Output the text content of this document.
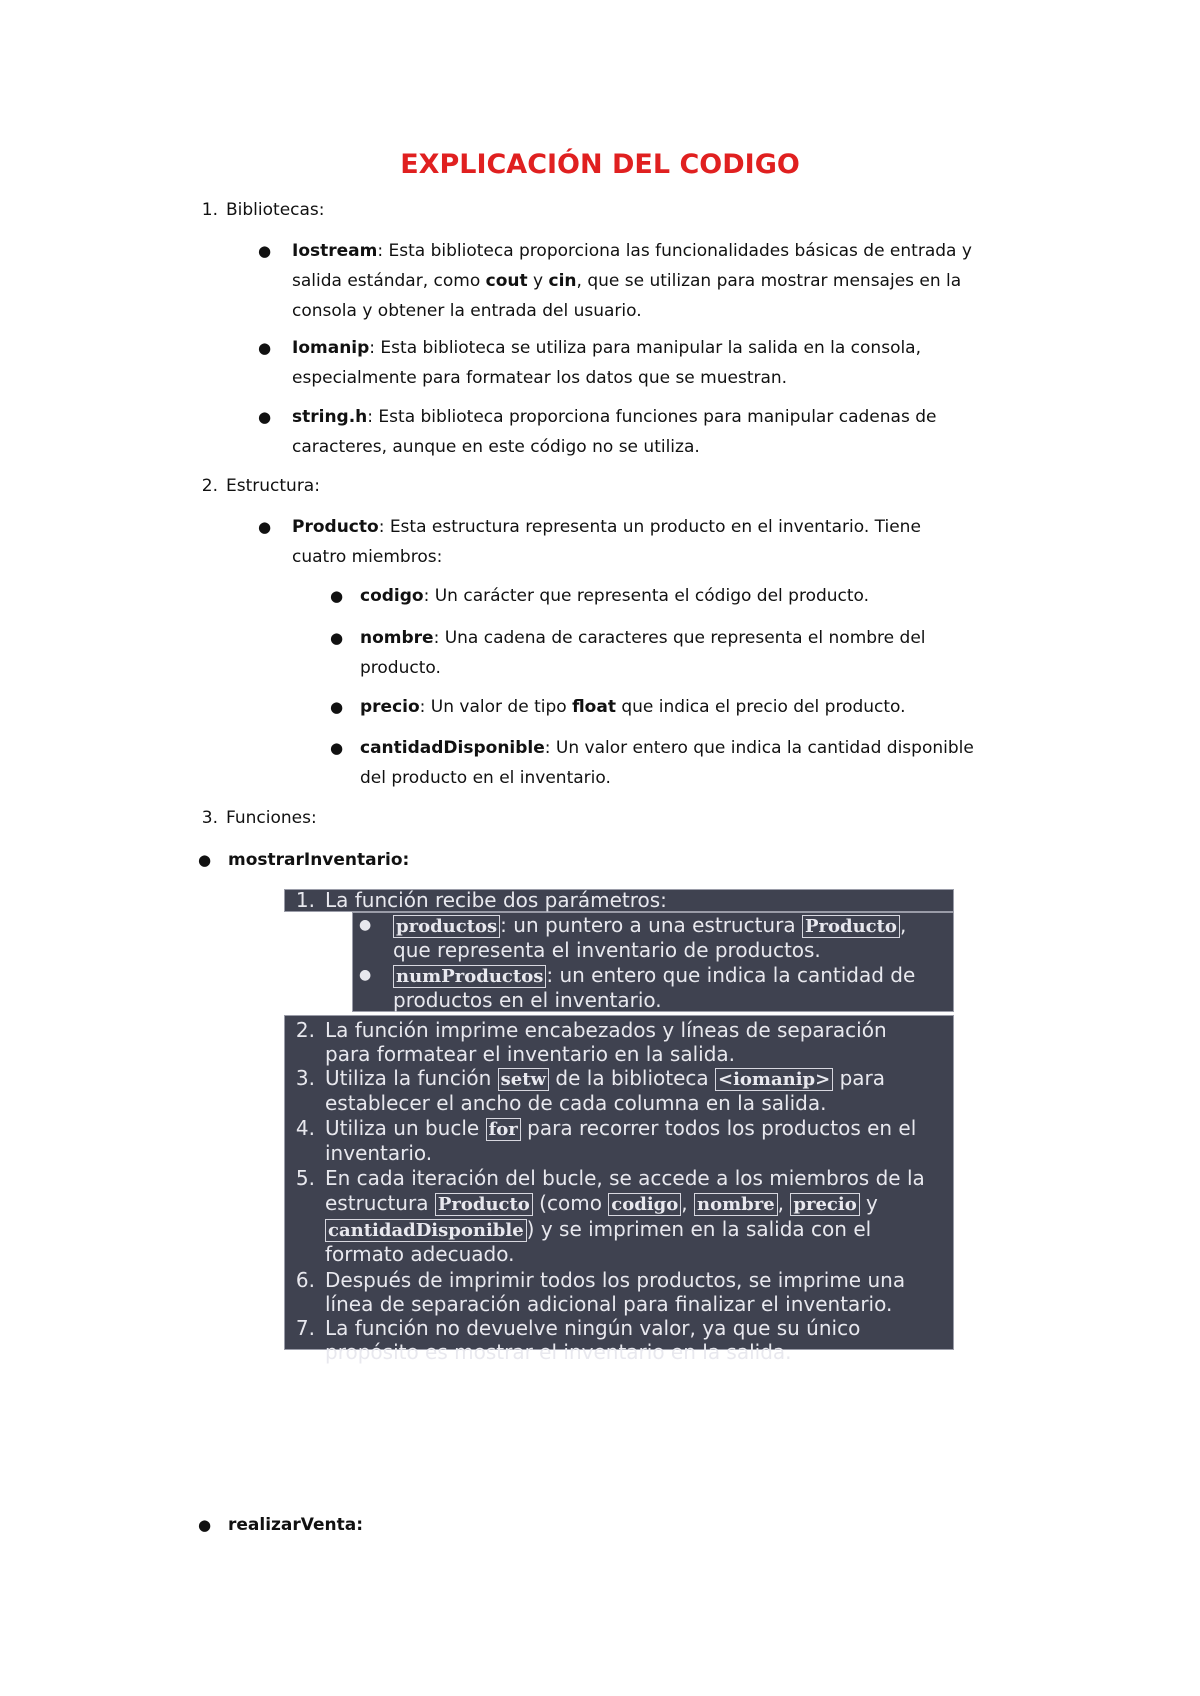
EXPLICACIÓN DEL CODIGO
1. Bibliotecas:
● Iostream: Esta biblioteca proporciona las funcionalidades básicas de entrada y
salida estándar, como cout y cin, que se utilizan para mostrar mensajes en la
consola y obtener la entrada del usuario.
● Iomanip: Esta biblioteca se utiliza para manipular la salida en la consola,
especialmente para formatear los datos que se muestran.
● string.h: Esta biblioteca proporciona funciones para manipular cadenas de
caracteres, aunque en este código no se utiliza.
2. Estructura:
● Producto: Esta estructura representa un producto en el inventario. Tiene
cuatro miembros:
● codigo: Un carácter que representa el código del producto.
● nombre: Una cadena de caracteres que representa el nombre del
producto.
● precio: Un valor de tipo float que indica el precio del producto.
● cantidadDisponible: Un valor entero que indica la cantidad disponible
del producto en el inventario.
3. Funciones:
● mostrarInventario:
1. La función recibe dos parámetros:
● productos : un puntero a una estructura Producto ,
que representa el inventario de productos.
● numProductos : un entero que indica la cantidad de
productos en el inventario.
2. La función imprime encabezados y líneas de separación
para formatear el inventario en la salida.
3. Utiliza la función setw de la biblioteca <iomanip> para
establecer el ancho de cada columna en la salida.
4. Utiliza un bucle for para recorrer todos los productos en el
inventario.
5. En cada iteración del bucle, se accede a los miembros de la
estructura Producto (como codigo , nombre , precio y
cantidadDisponible ) y se imprimen en la salida con el
formato adecuado.
6. Después de imprimir todos los productos, se imprime una
línea de separación adicional para finalizar el inventario.
7. La función no devuelve ningún valor, ya que su único
propósito es mostrar el inventario en la salida.
● realizarVenta:
